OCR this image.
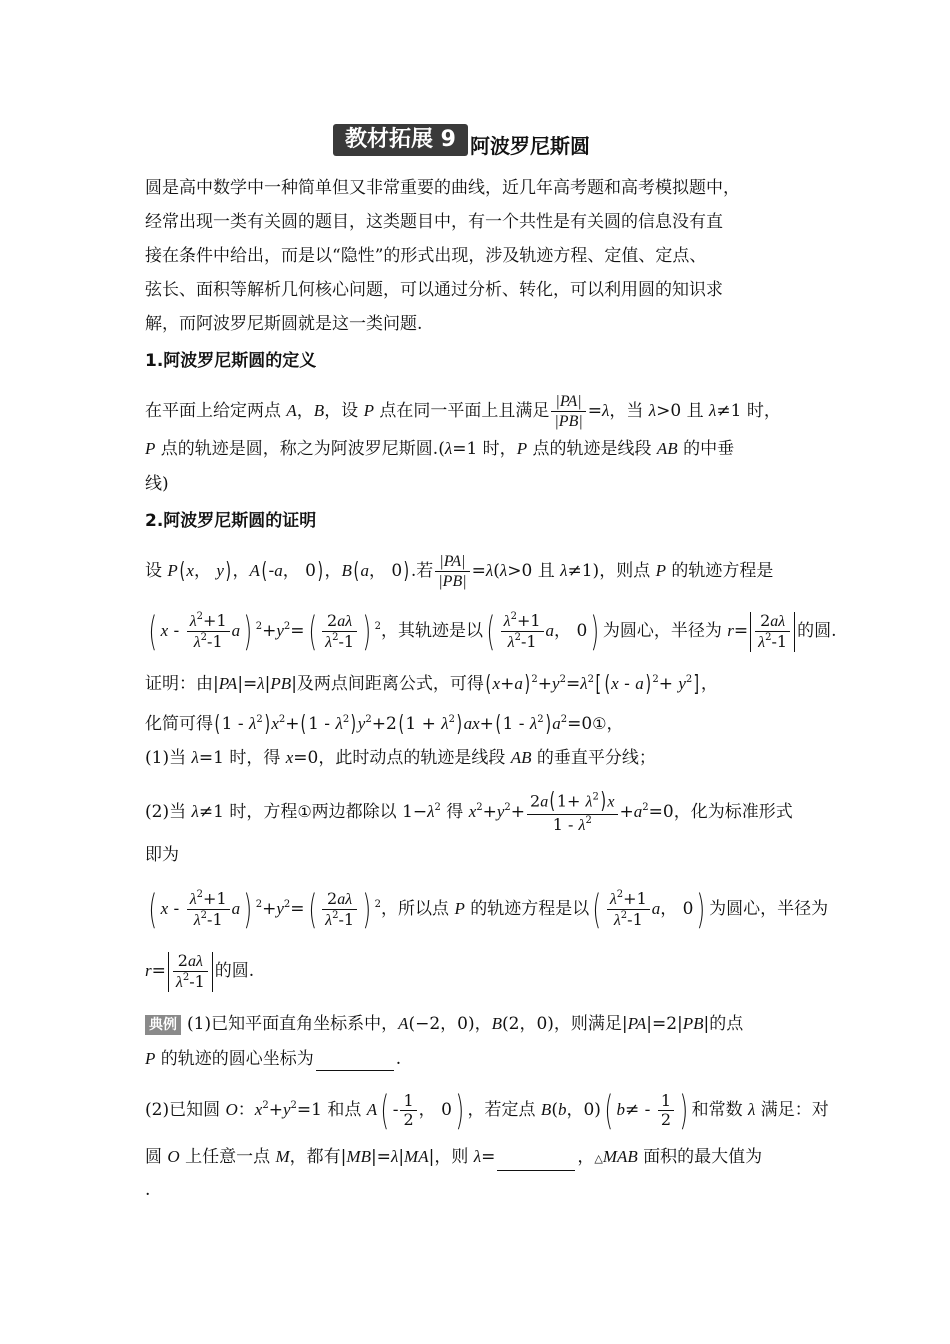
教材拓展 9 阿波罗尼斯圆
圆是高中数学中一种简单但又非常重要的曲线，近几年高考题和高考模拟题中，
经常出现一类有关圆的题目，这类题目中，有一个共性是有关圆的信息没有直
接在条件中给出，而是以“隐性”的形式出现，涉及轨迹方程、定值、定点、
弦长、面积等解析几何核心问题，可以通过分析、转化，可以利用圆的知识求
解，而阿波罗尼斯圆就是这一类问题.
1.阿波罗尼斯圆的定义
在平面上给定两点 A，B，设 P 点在同一平面上且满足 $\frac{|PA|}{|PB|} =\lambda$，当 λ>0 且 λ≠1 时，
P 点的轨迹是圆，称之为阿波罗尼斯圆.(λ=1 时，P 点的轨迹是线段 AB 的中垂
线)
2.阿波罗尼斯圆的证明
设 P(x， y)，A(-a， 0)，B(a， 0).若 $\frac{|PA|}{|PB|} =\lambda(\lambda>0$ 且 λ≠1)，则点 P 的轨迹方程是
( x - $\frac{\lambda^2+1}{\lambda^2-1} a$) $^2+y^2=( \frac{2a\lambda}{\lambda^2-1}$ ) $^2$，其轨迹是以( $\frac{\lambda^2+1}{\lambda^2-1}$ a， 0) 为圆心，半径为 $r= \frac{2a\lambda}{\lambda^2-1}$ 的圆.
证明：由|PA|=λ|PB|及两点间距离公式，可得(x+a) $^2+y^2=\lambda^2$[ (x - a) $^2+ y^2$]，
化简可得$(1 - \lambda^2)x^2+(1 - \lambda^2)y^2+2(1 + \lambda^2)ax+(1$ - $\lambda^2)a^2=0①$，
(1)当 λ=1 时，得 x=0，此时动点的轨迹是线段 AB 的垂直平分线；
(2)当 λ≠1 时，方程①两边都除以 $1-\lambda^2$ 得 $x^2+y^2+ \frac{2a(1+ \lambda^2)x}{1 - \lambda^2} +a^2=0$，化为标准形式
即为
( x - $\frac{\lambda^2+1}{\lambda^2-1} a$) $^2+y^2=( \frac{2a\lambda}{\lambda^2-1}$ ) $^2$，所以点 P 的轨迹方程是以( $\frac{\lambda^2+1}{\lambda^2-1}$ a， 0) 为圆心，半径为
$r= \frac{2a\lambda}{\lambda^2-1}$ 的圆.
典例 (1)已知平面直角坐标系中，A(−2，0)，B(2，0)，则满足|PA|=2|PB|的点
P 的轨迹的圆心坐标为	.
(2)已知圆 O：$x^2+y^2=1$ 和点 $A( - \frac{1}{2}$ ， 0) ，若定点 B(b，0)( $b\ne - \frac{1}{2}$ ) 和常数 λ 满足：对
圆 O 上任意一点 M，都有|MB|=λ|MA|，则 λ=	，△MAB 面积的最大值为
.
